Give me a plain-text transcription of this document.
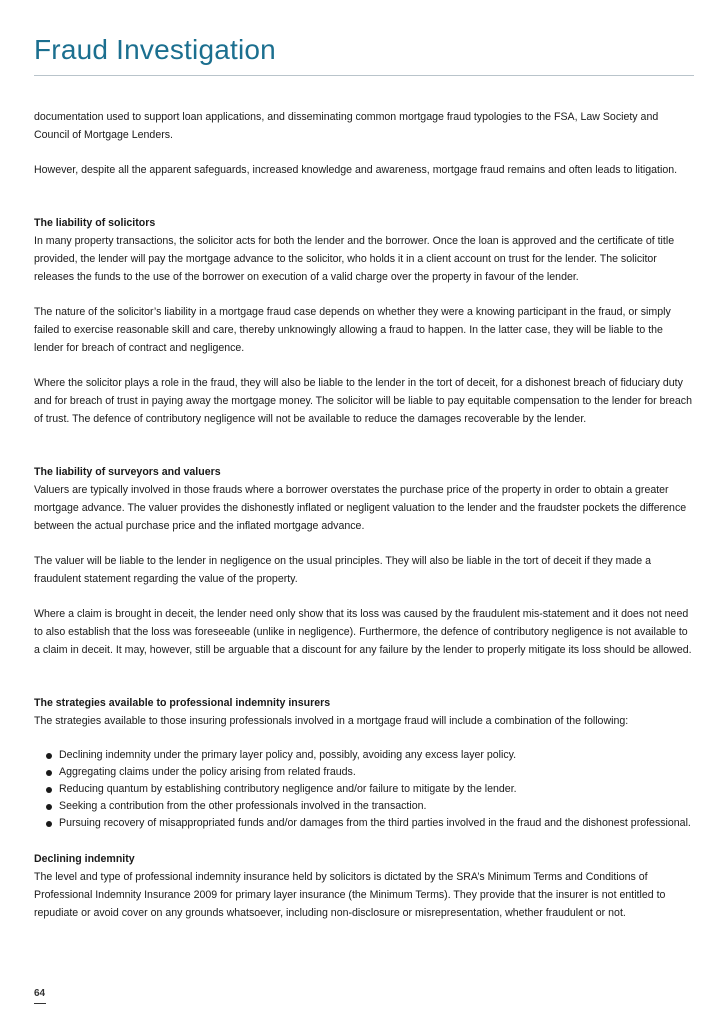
Fraud Investigation

documentation used to support loan applications, and disseminating common mortgage fraud typologies to the FSA, Law Society and Council of Mortgage Lenders.

However, despite all the apparent safeguards, increased knowledge and awareness, mortgage fraud remains and often leads to litigation.

The liability of solicitors

In many property transactions, the solicitor acts for both the lender and the borrower. Once the loan is approved and the certificate of title provided, the lender will pay the mortgage advance to the solicitor, who holds it in a client account on trust for the lender. The solicitor releases the funds to the use of the borrower on execution of a valid charge over the property in favour of the lender.

The nature of the solicitor’s liability in a mortgage fraud case depends on whether they were a knowing participant in the fraud, or simply failed to exercise reasonable skill and care, thereby unknowingly allowing a fraud to happen. In the latter case, they will be liable to the lender for breach of contract and negligence.

Where the solicitor plays a role in the fraud, they will also be liable to the lender in the tort of deceit, for a dishonest breach of fiduciary duty and for breach of trust in paying away the mortgage money. The solicitor will be liable to pay equitable compensation to the lender for breach of trust. The defence of contributory negligence will not be available to reduce the damages recoverable by the lender.

The liability of surveyors and valuers

Valuers are typically involved in those frauds where a borrower overstates the purchase price of the property in order to obtain a greater mortgage advance. The valuer provides the dishonestly inflated or negligent valuation to the lender and the fraudster pockets the difference between the actual purchase price and the inflated mortgage advance.

The valuer will be liable to the lender in negligence on the usual principles. They will also be liable in the tort of deceit if they made a fraudulent statement regarding the value of the property.

Where a claim is brought in deceit, the lender need only show that its loss was caused by the fraudulent mis-statement and it does not need to also establish that the loss was foreseeable (unlike in negligence). Furthermore, the defence of contributory negligence is not available to a claim in deceit. It may, however, still be arguable that a discount for any failure by the lender to properly mitigate its loss should be allowed.

The strategies available to professional indemnity insurers

The strategies available to those insuring professionals involved in a mortgage fraud will include a combination of the following:

Declining indemnity under the primary layer policy and, possibly, avoiding any excess layer policy.
Aggregating claims under the policy arising from related frauds.
Reducing quantum by establishing contributory negligence and/or failure to mitigate by the lender.
Seeking a contribution from the other professionals involved in the transaction.
Pursuing recovery of misappropriated funds and/or damages from the third parties involved in the fraud and the dishonest professional.

Declining indemnity

The level and type of professional indemnity insurance held by solicitors is dictated by the SRA’s Minimum Terms and Conditions of Professional Indemnity Insurance 2009 for primary layer insurance (the Minimum Terms). They provide that the insurer is not entitled to repudiate or avoid cover on any grounds whatsoever, including non-disclosure or misrepresentation, whether fraudulent or not.

64
